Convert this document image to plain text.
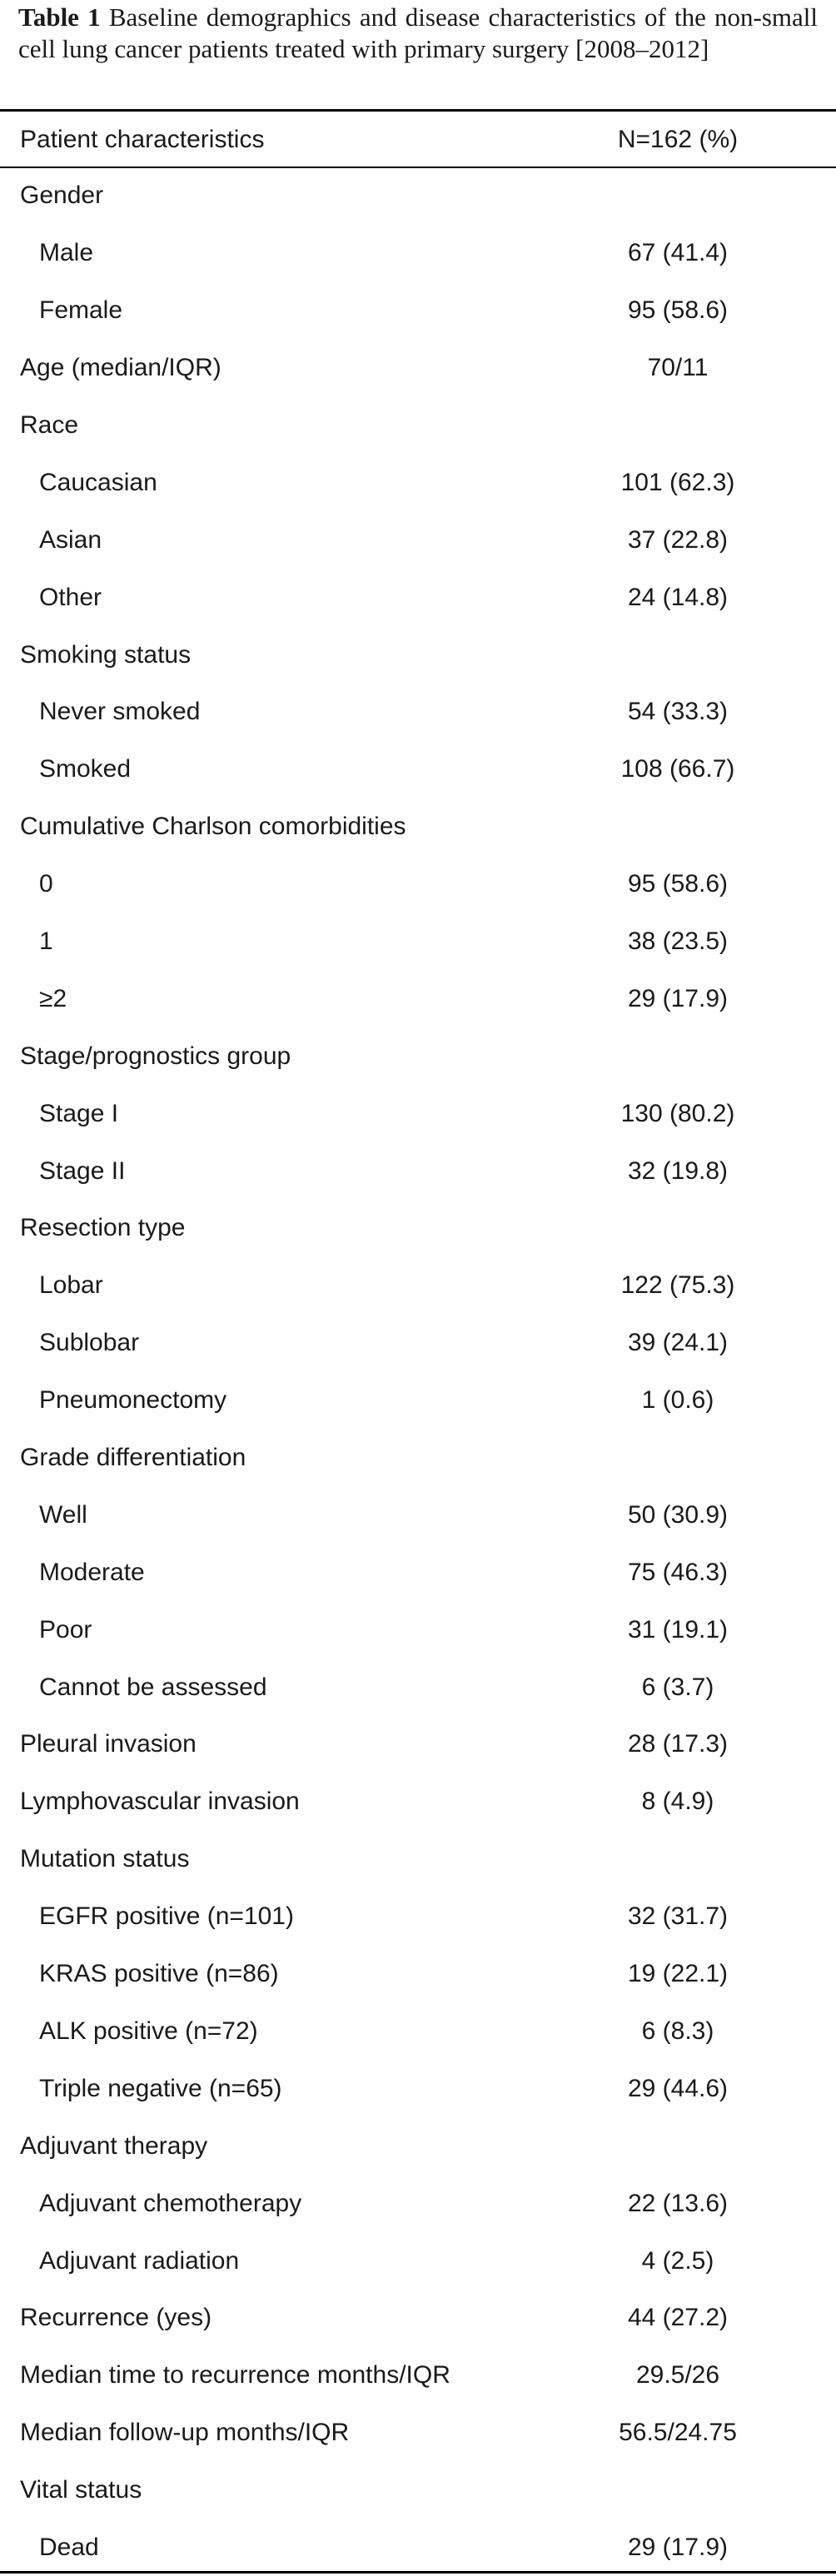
Table 1 Baseline demographics and disease characteristics of the non-small cell lung cancer patients treated with primary surgery [2008–2012]
Patient characteristics	N=162 (%)
Gender
Male	67 (41.4)
Female	95 (58.6)
Age (median/IQR)	70/11
Race
Caucasian	101 (62.3)
Asian	37 (22.8)
Other	24 (14.8)
Smoking status
Never smoked	54 (33.3)
Smoked	108 (66.7)
Cumulative Charlson comorbidities
0	95 (58.6)
1	38 (23.5)
≥2	29 (17.9)
Stage/prognostics group
Stage I	130 (80.2)
Stage II	32 (19.8)
Resection type
Lobar	122 (75.3)
Sublobar	39 (24.1)
Pneumonectomy	1 (0.6)
Grade differentiation
Well	50 (30.9)
Moderate	75 (46.3)
Poor	31 (19.1)
Cannot be assessed	6 (3.7)
Pleural invasion	28 (17.3)
Lymphovascular invasion	8 (4.9)
Mutation status
EGFR positive (n=101)	32 (31.7)
KRAS positive (n=86)	19 (22.1)
ALK positive (n=72)	6 (8.3)
Triple negative (n=65)	29 (44.6)
Adjuvant therapy
Adjuvant chemotherapy	22 (13.6)
Adjuvant radiation	4 (2.5)
Recurrence (yes)	44 (27.2)
Median time to recurrence months/IQR	29.5/26
Median follow-up months/IQR	56.5/24.75
Vital status
Dead	29 (17.9)
